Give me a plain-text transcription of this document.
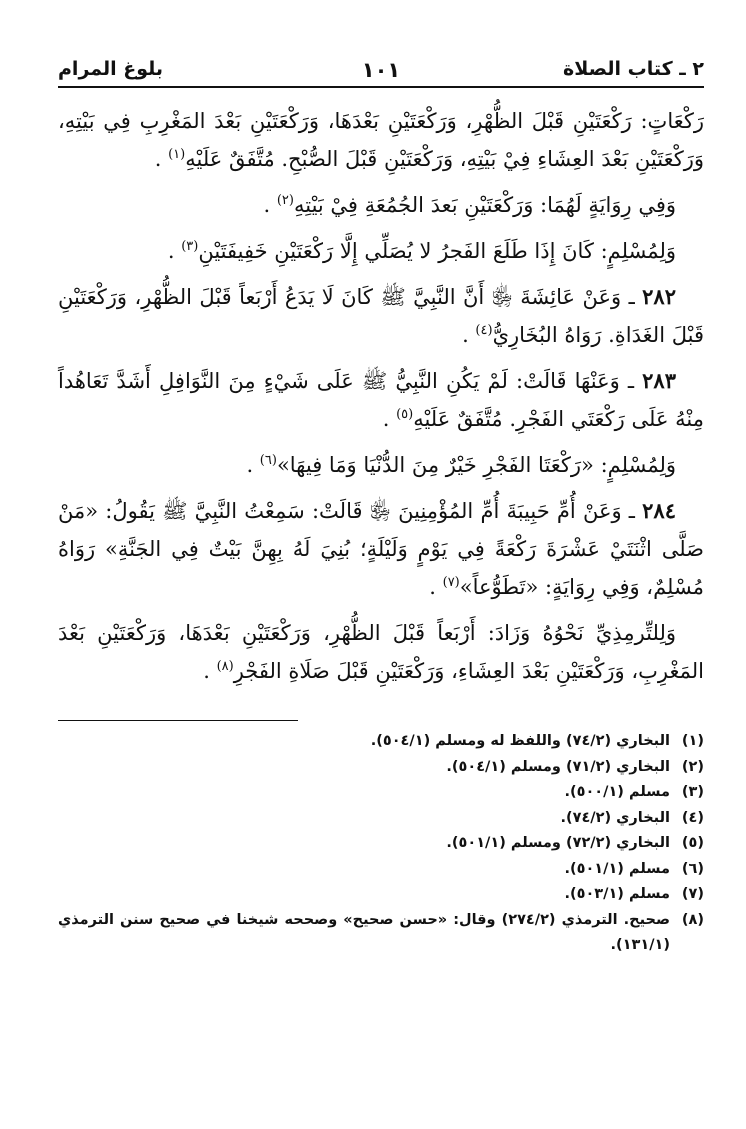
٢ ـ كتاب الصلاة
١٠١
بلوغ المرام

رَكْعَاتٍ: رَكْعَتَيْنِ قَبْلَ الظُّهْرِ، وَرَكْعَتَيْنِ بَعْدَهَا، وَرَكْعَتَيْنِ بَعْدَ المَغْرِبِ فِي بَيْتِهِ، وَرَكْعَتَيْنِ بَعْدَ العِشَاءِ فِيْ بَيْتِهِ، وَرَكْعَتَيْنِ قَبْلَ الصُّبْحِ. مُتَّفَقٌ عَلَيْهِ$^{(١)}$ .

وَفِي رِوَايَةٍ لَهُمَا: وَرَكْعَتَيْنِ بَعدَ الجُمُعَةِ فِيْ بَيْتِهِ$^{(٢)}$ .

وَلِمُسْلِمٍ: كَانَ إِذَا طَلَعَ الفَجرُ لا يُصَلِّي إِلَّا رَكْعَتَيْنِ خَفِيفَتَيْنِ$^{(٣)}$ .

٢٨٢ ـ وَعَنْ عَائِشَةَ ﵂ أَنَّ النَّبِيَّ ﷺ كَانَ لَا يَدَعُ أَرْبَعاً قَبْلَ الظُّهْرِ، وَرَكْعَتَيْنِ قَبْلَ الغَدَاةِ. رَوَاهُ البُخَارِيُّ$^{(٤)}$ .

٢٨٣ ـ وَعَنْهَا قَالَتْ: لَمْ يَكُنِ النَّبِيُّ ﷺ عَلَى شَيْءٍ مِنَ النَّوَافِلِ أَشَدَّ تَعَاهُداً مِنْهُ عَلَى رَكْعَتَي الفَجْرِ. مُتَّفَقٌ عَلَيْهِ$^{(٥)}$ .

وَلِمُسْلِمٍ: «رَكْعَتَا الفَجْرِ خَيْرٌ مِنَ الدُّنْيَا وَمَا فِيهَا»$^{(٦)}$ .

٢٨٤ ـ وَعَنْ أُمِّ حَبِيبَةَ أُمِّ المُؤْمِنِينَ ﵂ قَالَتْ: سَمِعْتُ النَّبِيَّ ﷺ يَقُولُ: «مَنْ صَلَّى اثْنَتَيْ عَشْرَةَ رَكْعَةً فِي يَوْمٍ وَلَيْلَةٍ؛ بُنِيَ لَهُ بِهِنَّ بَيْتٌ فِي الجَنَّةِ» رَوَاهُ مُسْلِمٌ، وَفِي رِوَايَةٍ: «تَطَوُّعاً»$^{(٧)}$ .

وَلِلتِّرمِذِيِّ نَحْوُهُ وَزَادَ: أَرْبَعاً قَبْلَ الظُّهْرِ، وَرَكْعَتَيْنِ بَعْدَهَا، وَرَكْعَتَيْنِ بَعْدَ المَغْرِبِ، وَرَكْعَتَيْنِ بَعْدَ العِشَاءِ، وَرَكْعَتَيْنِ قَبْلَ صَلَاةِ الفَجْرِ$^{(٨)}$ .

(١)
البخاري (٧٤/٢) واللفظ له ومسلم (٥٠٤/١).
(٢)
البخاري (٧١/٢) ومسلم (٥٠٤/١).
(٣)
مسلم (٥٠٠/١).
(٤)
البخاري (٧٤/٢).
(٥)
البخاري (٧٢/٢) ومسلم (٥٠١/١).
(٦)
مسلم (٥٠١/١).
(٧)
مسلم (٥٠٣/١).
(٨)
صحيح. الترمذي (٢٧٤/٢) وقال: «حسن صحيح» وصححه شيخنا في صحيح سنن الترمذي (١٣١/١).
